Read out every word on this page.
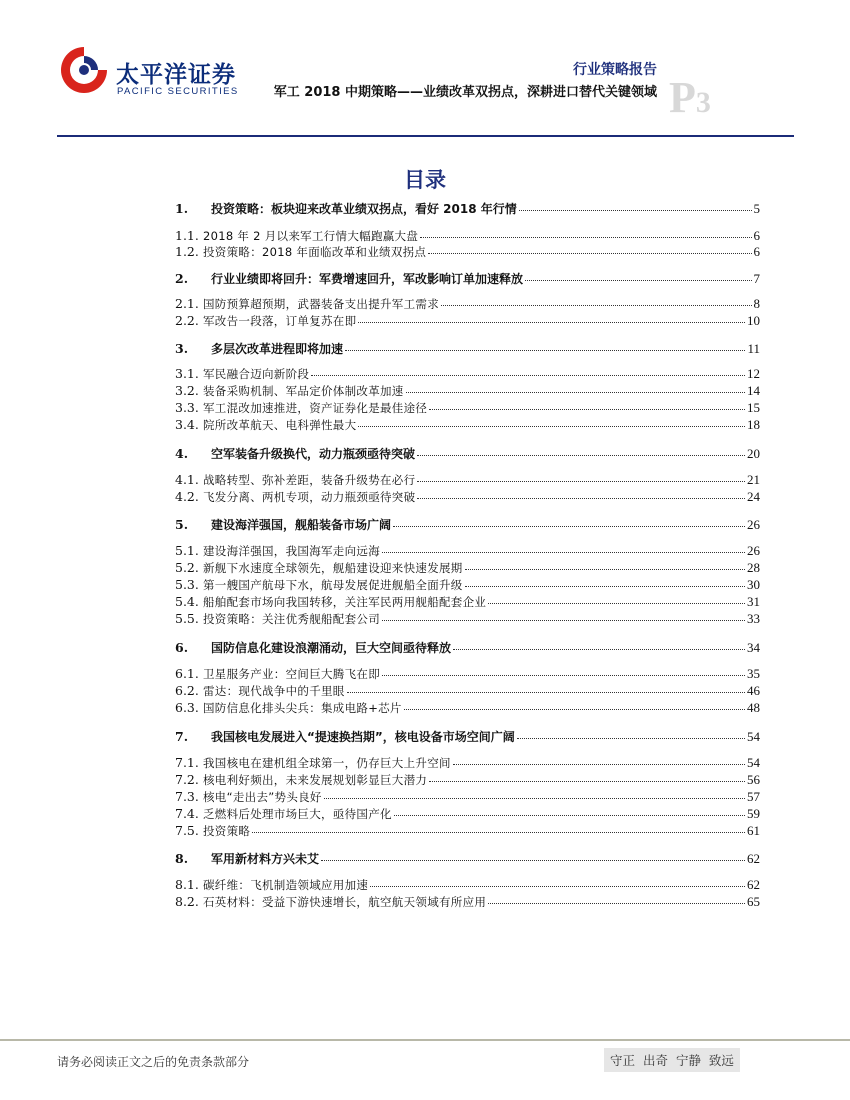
太平洋证券
PACIFIC SECURITIES
行业策略报告
军工 2018 中期策略——业绩改革双拐点，深耕进口替代关键领域 P3
目录
1.	投资策略：板块迎来改革业绩双拐点，看好 2018 年行情	5
1.1. 2018 年 2 月以来军工行情大幅跑赢大盘	6
1.2. 投资策略：2018 年面临改革和业绩双拐点	6
2.	行业业绩即将回升：军费增速回升，军改影响订单加速释放	7
2.1. 国防预算超预期，武器装备支出提升军工需求	8
2.2. 军改告一段落，订单复苏在即	10
3.	多层次改革进程即将加速	11
3.1. 军民融合迈向新阶段	12
3.2. 装备采购机制、军品定价体制改革加速	14
3.3. 军工混改加速推进，资产证券化是最佳途径	15
3.4. 院所改革航天、电科弹性最大	18
4.	空军装备升级换代，动力瓶颈亟待突破	20
4.1. 战略转型、弥补差距，装备升级势在必行	21
4.2. 飞发分离、两机专项，动力瓶颈亟待突破	24
5.	建设海洋强国，舰船装备市场广阔	26
5.1. 建设海洋强国，我国海军走向远海	26
5.2. 新舰下水速度全球领先，舰船建设迎来快速发展期	28
5.3. 第一艘国产航母下水，航母发展促进舰船全面升级	30
5.4. 船舶配套市场向我国转移，关注军民两用舰船配套企业	31
5.5. 投资策略：关注优秀舰船配套公司	33
6.	国防信息化建设浪潮涌动，巨大空间亟待释放	34
6.1. 卫星服务产业：空间巨大腾飞在即	35
6.2. 雷达：现代战争中的千里眼	46
6.3. 国防信息化排头尖兵：集成电路+芯片	48
7.	我国核电发展进入“提速换挡期”，核电设备市场空间广阔	54
7.1. 我国核电在建机组全球第一，仍存巨大上升空间	54
7.2. 核电利好频出，未来发展规划彰显巨大潜力	56
7.3. 核电“走出去”势头良好	57
7.4. 乏燃料后处理市场巨大，亟待国产化	59
7.5. 投资策略	61
8.	军用新材料方兴未艾	62
8.1. 碳纤维：飞机制造领域应用加速	62
8.2. 石英材料：受益下游快速增长，航空航天领域有所应用	65
请务必阅读正文之后的免责条款部分	守正 出奇 宁静 致远
